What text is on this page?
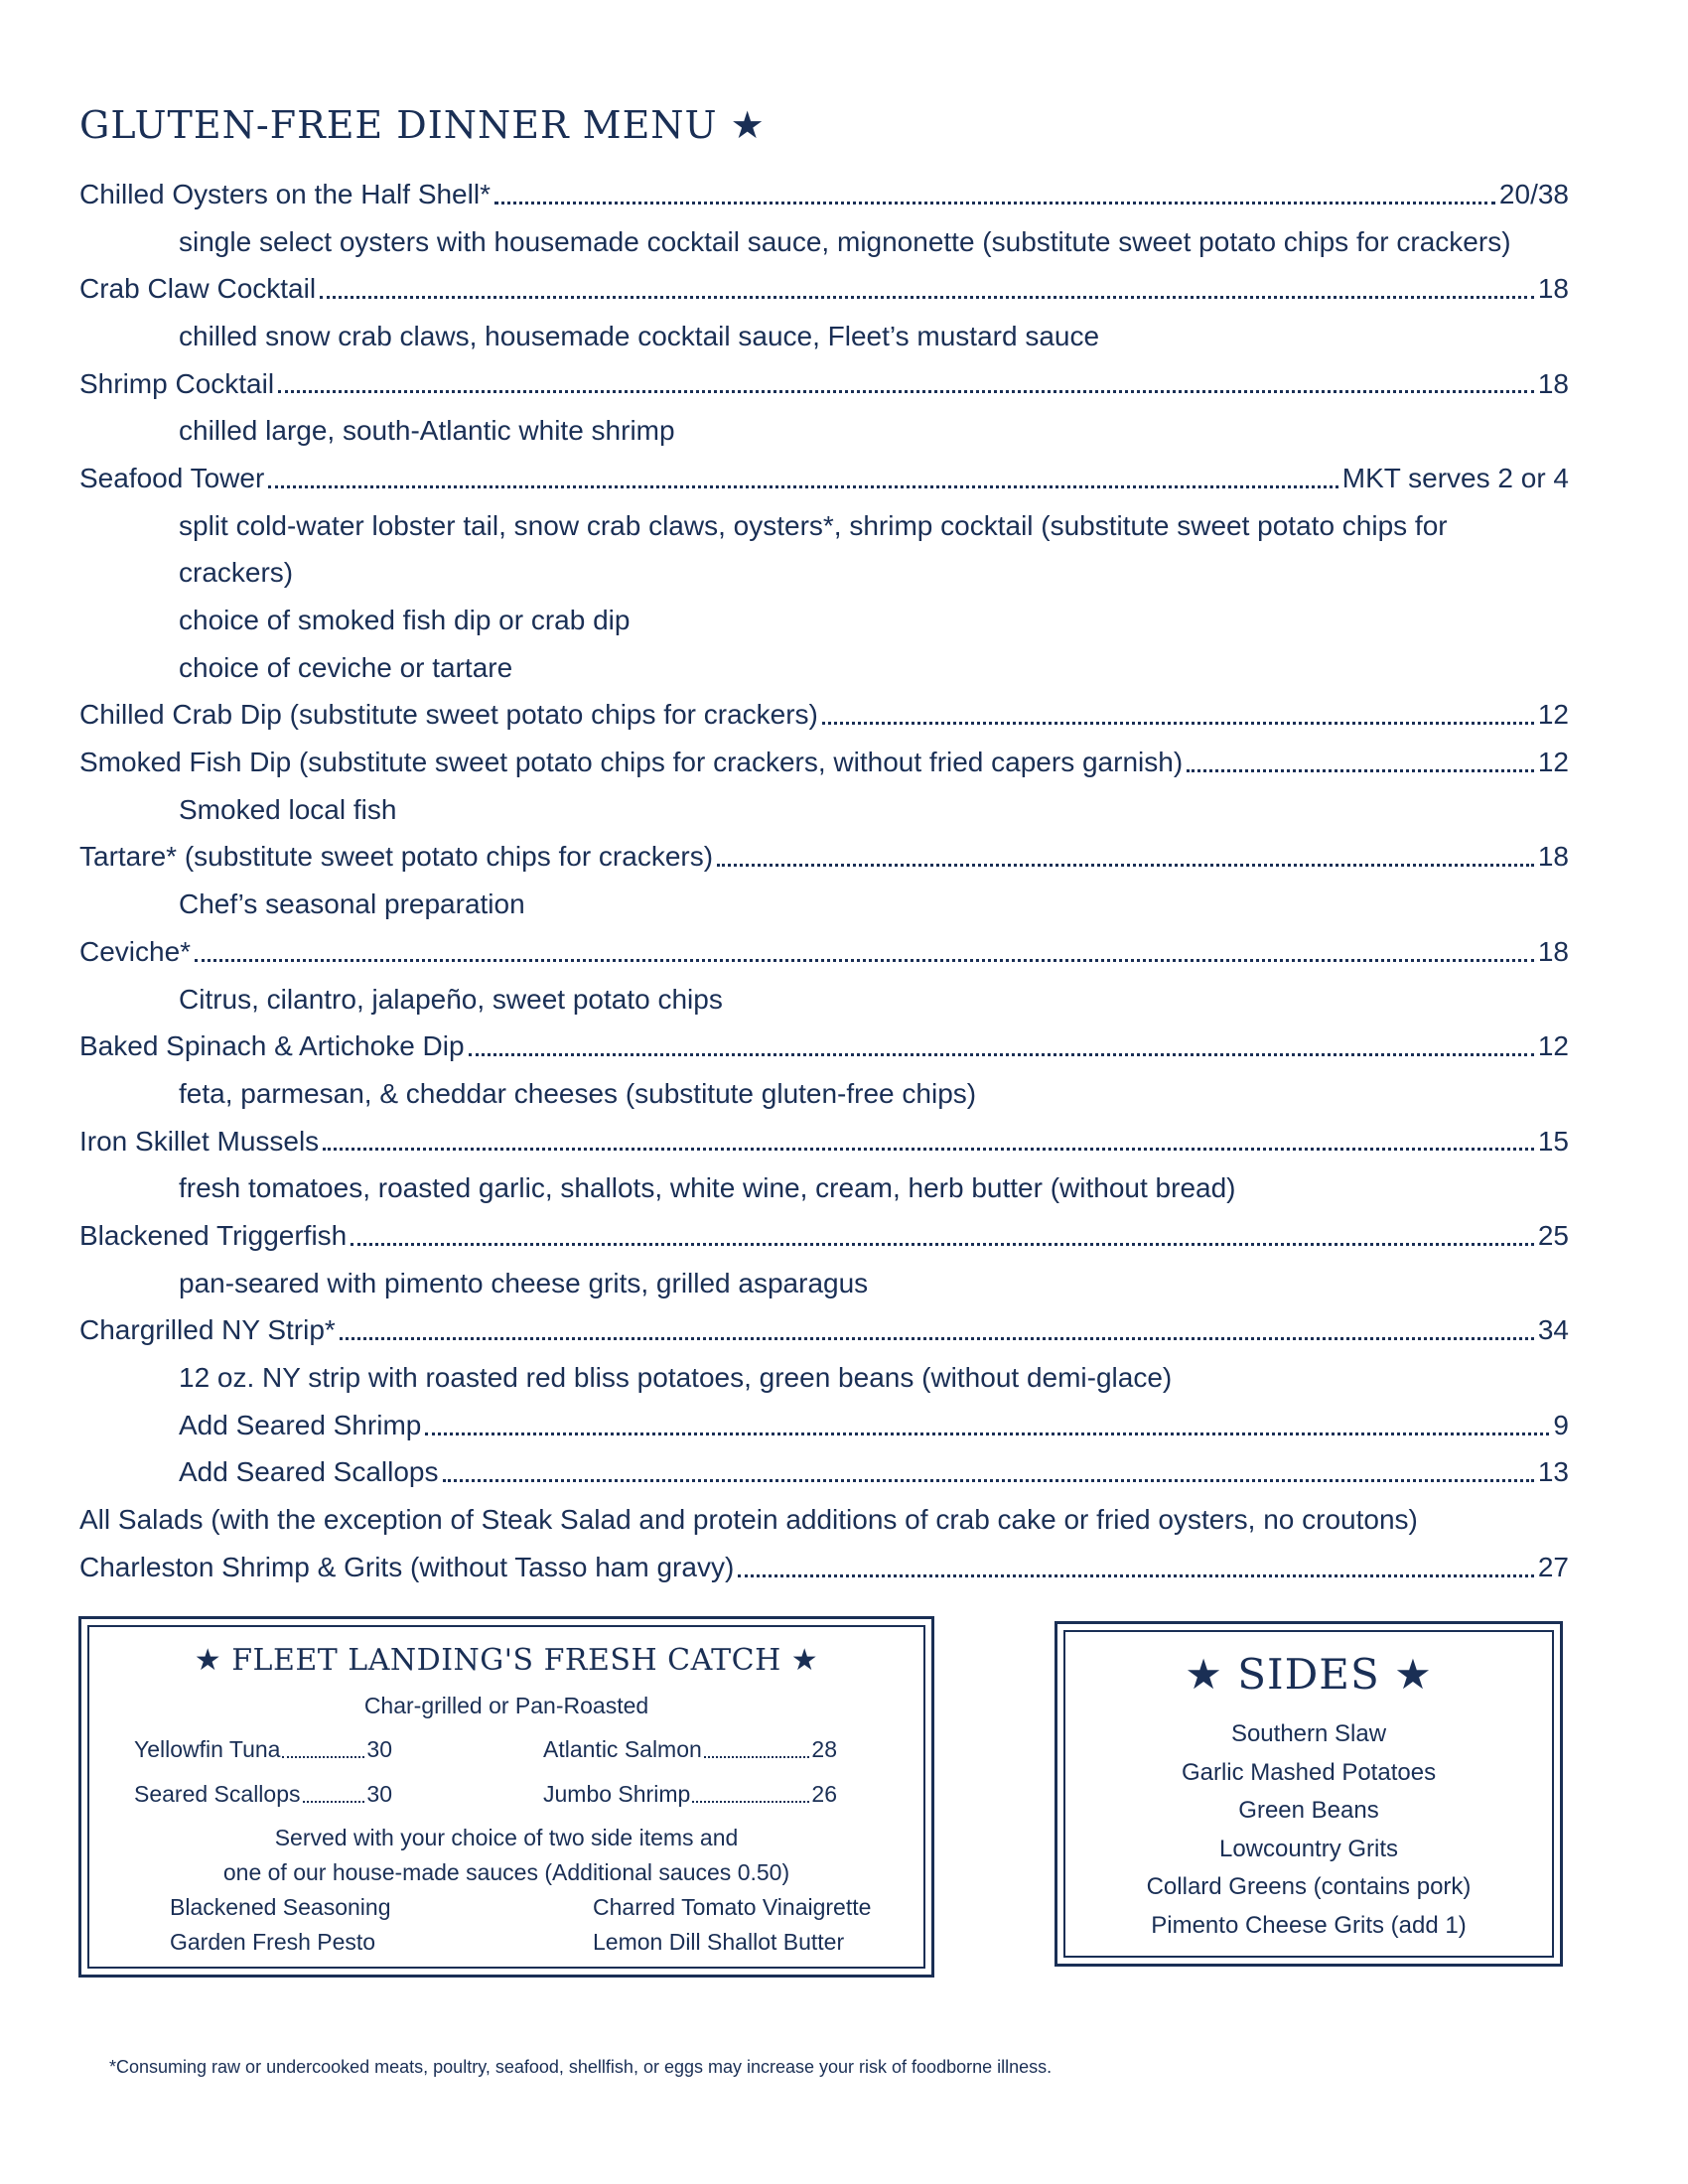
GLUTEN-FREE DINNER MENU ★
Chilled Oysters on the Half Shell*	20/38
single select oysters with housemade cocktail sauce, mignonette (substitute sweet potato chips for crackers)
Crab Claw Cocktail	18
chilled snow crab claws, housemade cocktail sauce, Fleet’s mustard sauce
Shrimp Cocktail	18
chilled large, south-Atlantic white shrimp
Seafood Tower	MKT serves 2 or 4
split cold-water lobster tail, snow crab claws, oysters*, shrimp cocktail (substitute sweet potato chips for
crackers)
choice of smoked fish dip or crab dip
choice of ceviche or tartare
Chilled Crab Dip (substitute sweet potato chips for crackers)	12
Smoked Fish Dip (substitute sweet potato chips for crackers, without fried capers garnish)	12
Smoked local fish
Tartare* (substitute sweet potato chips for crackers)	18
Chef’s seasonal preparation
Ceviche*	18
Citrus, cilantro, jalapeño, sweet potato chips
Baked Spinach & Artichoke Dip	12
feta, parmesan, & cheddar cheeses (substitute gluten-free chips)
Iron Skillet Mussels	15
fresh tomatoes, roasted garlic, shallots, white wine, cream, herb butter (without bread)
Blackened Triggerfish	25
pan-seared with pimento cheese grits, grilled asparagus
Chargrilled NY Strip*	34
12 oz. NY strip with roasted red bliss potatoes, green beans (without demi-glace)
Add Seared Shrimp	9
Add Seared Scallops	13
All Salads (with the exception of Steak Salad and protein additions of crab cake or fried oysters, no croutons)
Charleston Shrimp & Grits (without Tasso ham gravy)	27
★ FLEET LANDING'S FRESH CATCH ★
Char-grilled or Pan-Roasted
Yellowfin Tuna	30	Atlantic Salmon	28
Seared Scallops	30	Jumbo Shrimp	26
Served with your choice of two side items and
one of our house-made sauces (Additional sauces 0.50)
Blackened Seasoning	Charred Tomato Vinaigrette
Garden Fresh Pesto	Lemon Dill Shallot Butter
★ SIDES ★
Southern Slaw
Garlic Mashed Potatoes
Green Beans
Lowcountry Grits
Collard Greens (contains pork)
Pimento Cheese Grits (add 1)
*Consuming raw or undercooked meats, poultry, seafood, shellfish, or eggs may increase your risk of foodborne illness.
